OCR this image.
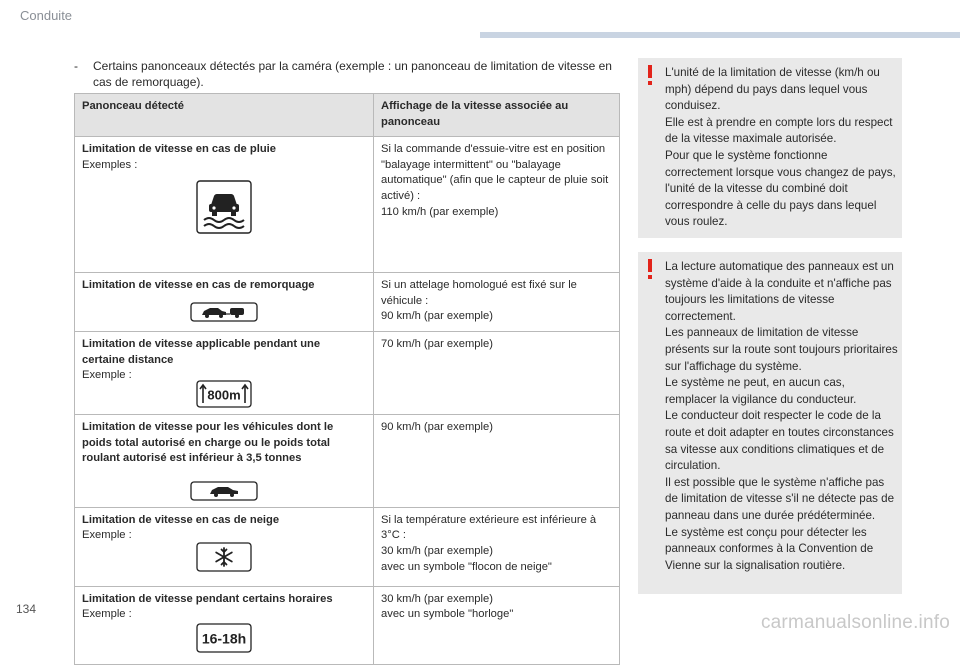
Conduite
-	Certains panonceaux détectés par la caméra (exemple : un panonceau de limitation de vitesse en cas de remorquage).
Panonceau détecté	Affichage de la vitesse associée au panonceau

Limitation de vitesse en cas de pluie
Exemples :	Si la commande d'essuie-vitre est en position "balayage intermittent" ou "balayage automatique" (afin que le capteur de pluie soit activé) :
110 km/h (par exemple)

Limitation de vitesse en cas de remorquage	Si un attelage homologué est fixé sur le véhicule :
90 km/h (par exemple)

Limitation de vitesse applicable pendant une certaine distance
Exemple :
800m	70 km/h (par exemple)

Limitation de vitesse pour les véhicules dont le poids total autorisé en charge ou le poids total roulant autorisé est inférieur à 3,5 tonnes	90 km/h (par exemple)

Limitation de vitesse en cas de neige
Exemple :	Si la température extérieure est inférieure à 3°C :
30 km/h (par exemple)
avec un symbole "flocon de neige"

Limitation de vitesse pendant certains horaires
Exemple :
16-18h	30 km/h (par exemple)
avec un symbole "horloge"
L'unité de la limitation de vitesse (km/h ou mph) dépend du pays dans lequel vous conduisez.
Elle est à prendre en compte lors du respect de la vitesse maximale autorisée.
Pour que le système fonctionne correctement lorsque vous changez de pays, l'unité de la vitesse du combiné doit correspondre à celle du pays dans lequel vous roulez.
La lecture automatique des panneaux est un système d'aide à la conduite et n'affiche pas toujours les limitations de vitesse correctement.
Les panneaux de limitation de vitesse présents sur la route sont toujours prioritaires sur l'affichage du système.
Le système ne peut, en aucun cas, remplacer la vigilance du conducteur.
Le conducteur doit respecter le code de la route et doit adapter en toutes circonstances sa vitesse aux conditions climatiques et de circulation.
Il est possible que le système n'affiche pas de limitation de vitesse s'il ne détecte pas de panneau dans une durée prédéterminée.
Le système est conçu pour détecter les panneaux conformes à la Convention de Vienne sur la signalisation routière.
134
carmanualsonline.info
